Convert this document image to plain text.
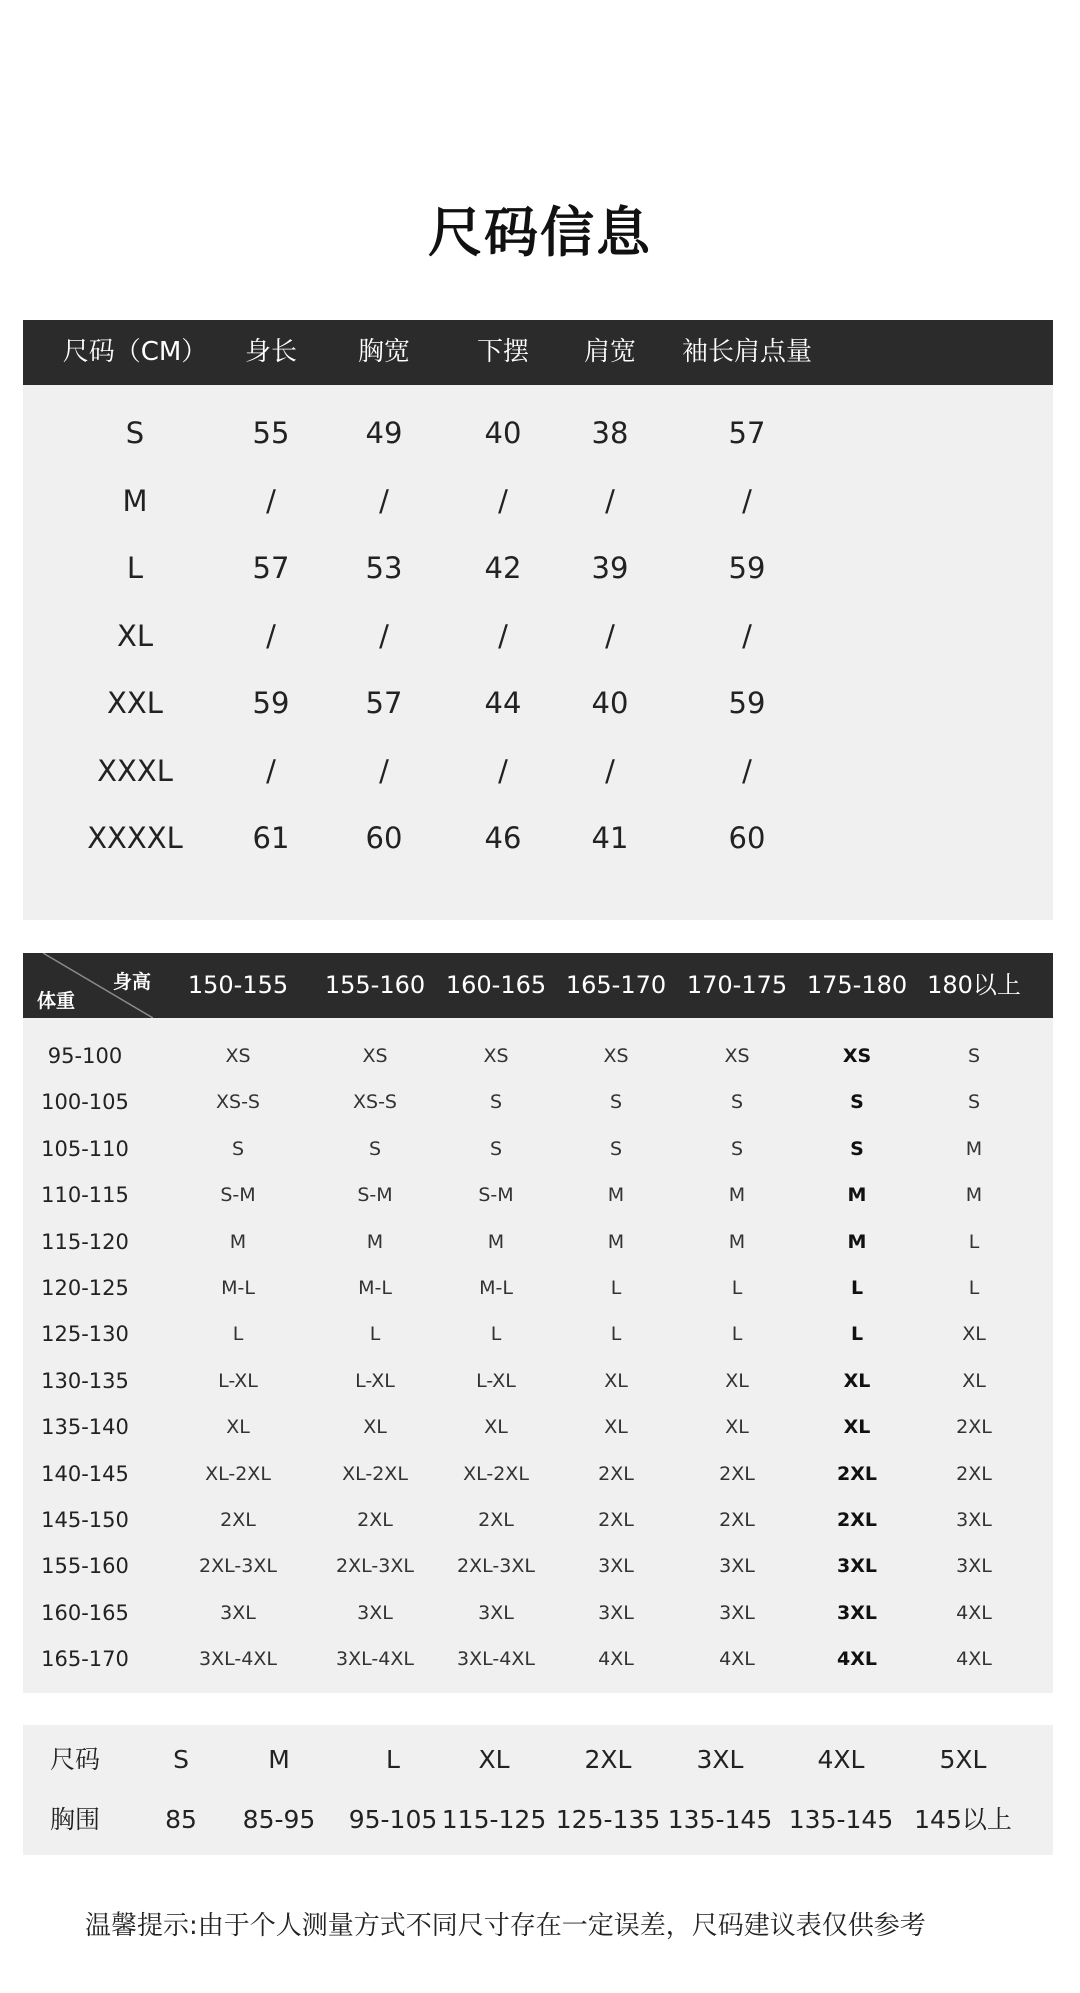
尺码信息
尺码（CM） 身长 胸宽	下摆 肩宽 袖长肩点量
S	55	49	40 38	57
M	/	/	/	/	/
L	57	53	42 39	59
XL	/	/	/	/	/
XXL	59	57	44 40	59
XXXL	/	/	/	/	/
XXXXL 61	60	46 41	60
身高
体重
150-155 155-160 160-165 165-170 170-175 175-180 180以上
95-100	XS	XS	XS	XS	XS	XS	S
100-105	XS-S	XS-S	S	S	S	S	S
105-110	S	S	S	S	S	S	M
110-115	S-M	S-M	S-M	M	M	M	M
115-120	M	M	M	M	M	M	L
120-125	M-L	M-L	M-L	L	L	L	L
125-130	L	L	L	L	L	L	XL
130-135	L-XL	L-XL	L-XL	XL	XL	XL	XL
135-140	XL	XL	XL	XL	XL	XL	2XL
140-145	XL-2XL	XL-2XL	XL-2XL	2XL	2XL	2XL	2XL
145-150	2XL	2XL	2XL	2XL	2XL	2XL	3XL
155-160	2XL-3XL	2XL-3XL 2XL-3XL	3XL	3XL	3XL	3XL
160-165	3XL	3XL	3XL	3XL	3XL	3XL	4XL
165-170	3XL-4XL	3XL-4XL 3XL-4XL	4XL	4XL	4XL	4XL
尺码	S	M	L	XL	2XL	3XL	4XL	5XL
胸围	85 85-95 95-105 115-125 125-135 135-145 135-145 145以上
温馨提示:由于个人测量方式不同尺寸存在一定误差，尺码建议表仅供参考
